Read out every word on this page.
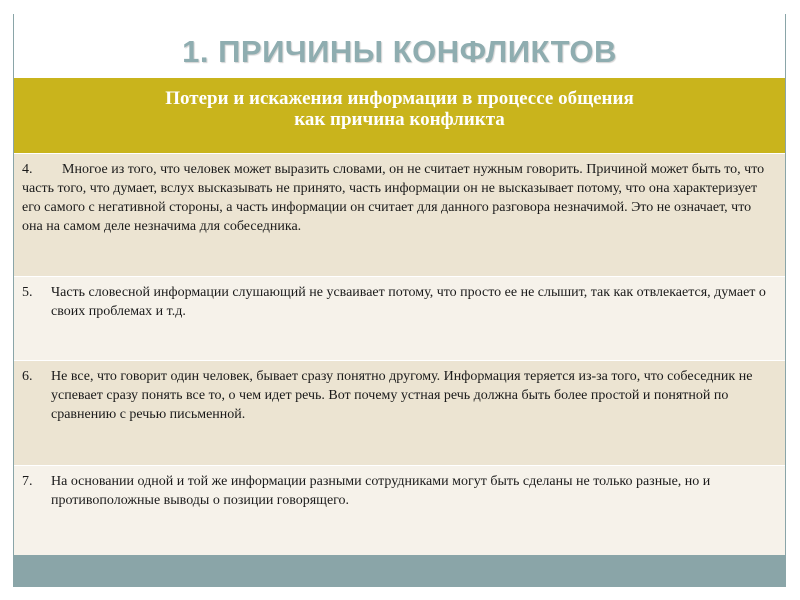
1. ПРИЧИНЫ КОНФЛИКТОВ
Потери и искажения информации в процессе общения
как причина конфликта
4.	Многое из того, что человек может выразить словами, он не считает нужным говорить. Причиной может быть то, что часть того, что думает, вслух высказывать не принято, часть информации он не высказывает потому, что она характеризует его самого с негативной стороны, а часть информации он считает для данного разговора незначимой. Это не означает, что она на самом деле незначима для собеседника.
5. Часть словесной информации слушающий не усваивает потому, что просто ее не слышит, так как отвлекается, думает о своих проблемах и т.д.
6. Не все, что говорит один человек, бывает сразу понятно другому. Информация теряется из-за того, что собеседник не успевает сразу понять все то, о чем идет речь. Вот почему устная речь должна быть более простой и понятной по сравнению с речью письменной.
7. На основании одной и той же информации разными сотрудниками могут быть сделаны не только разные, но и противоположные выводы о позиции говорящего.
